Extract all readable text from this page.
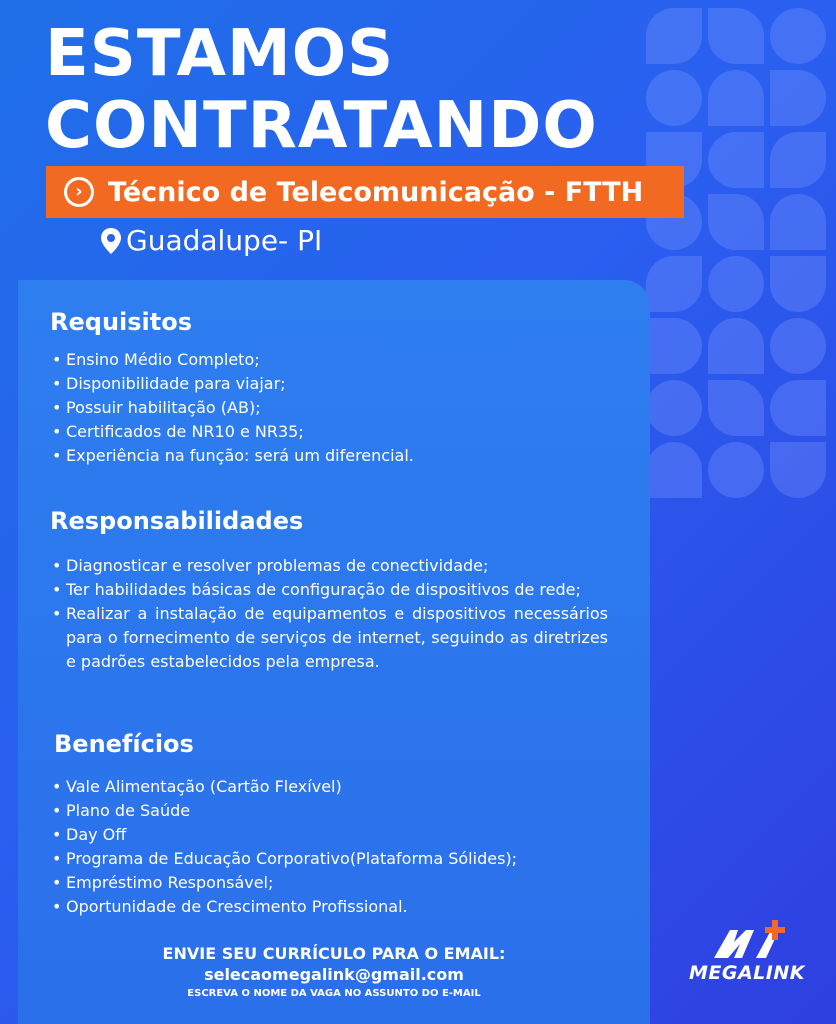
ESTAMOS
CONTRATANDO
› Técnico de Telecomunicação - FTTH
Guadalupe- PI
Requisitos
• Ensino Médio Completo;
• Disponibilidade para viajar;
• Possuir habilitação (AB);
• Certificados de NR10 e NR35;
• Experiência na função: será um diferencial.
Responsabilidades
• Diagnosticar e resolver problemas de conectividade;
• Ter habilidades básicas de configuração de dispositivos de rede;
• Realizar a instalação de equipamentos e dispositivos necessários para o fornecimento de serviços de internet, seguindo as diretrizes e padrões estabelecidos pela empresa.
Benefícios
• Vale Alimentação (Cartão Flexível)
• Plano de Saúde
• Day Off
• Programa de Educação Corporativo(Plataforma Sólides);
• Empréstimo Responsável;
• Oportunidade de Crescimento Profissional.
ENVIE SEU CURRÍCULO PARA O EMAIL:
selecaomegalink@gmail.com
ESCREVA O NOME DA VAGA NO ASSUNTO DO E-MAIL
MEGALINK
